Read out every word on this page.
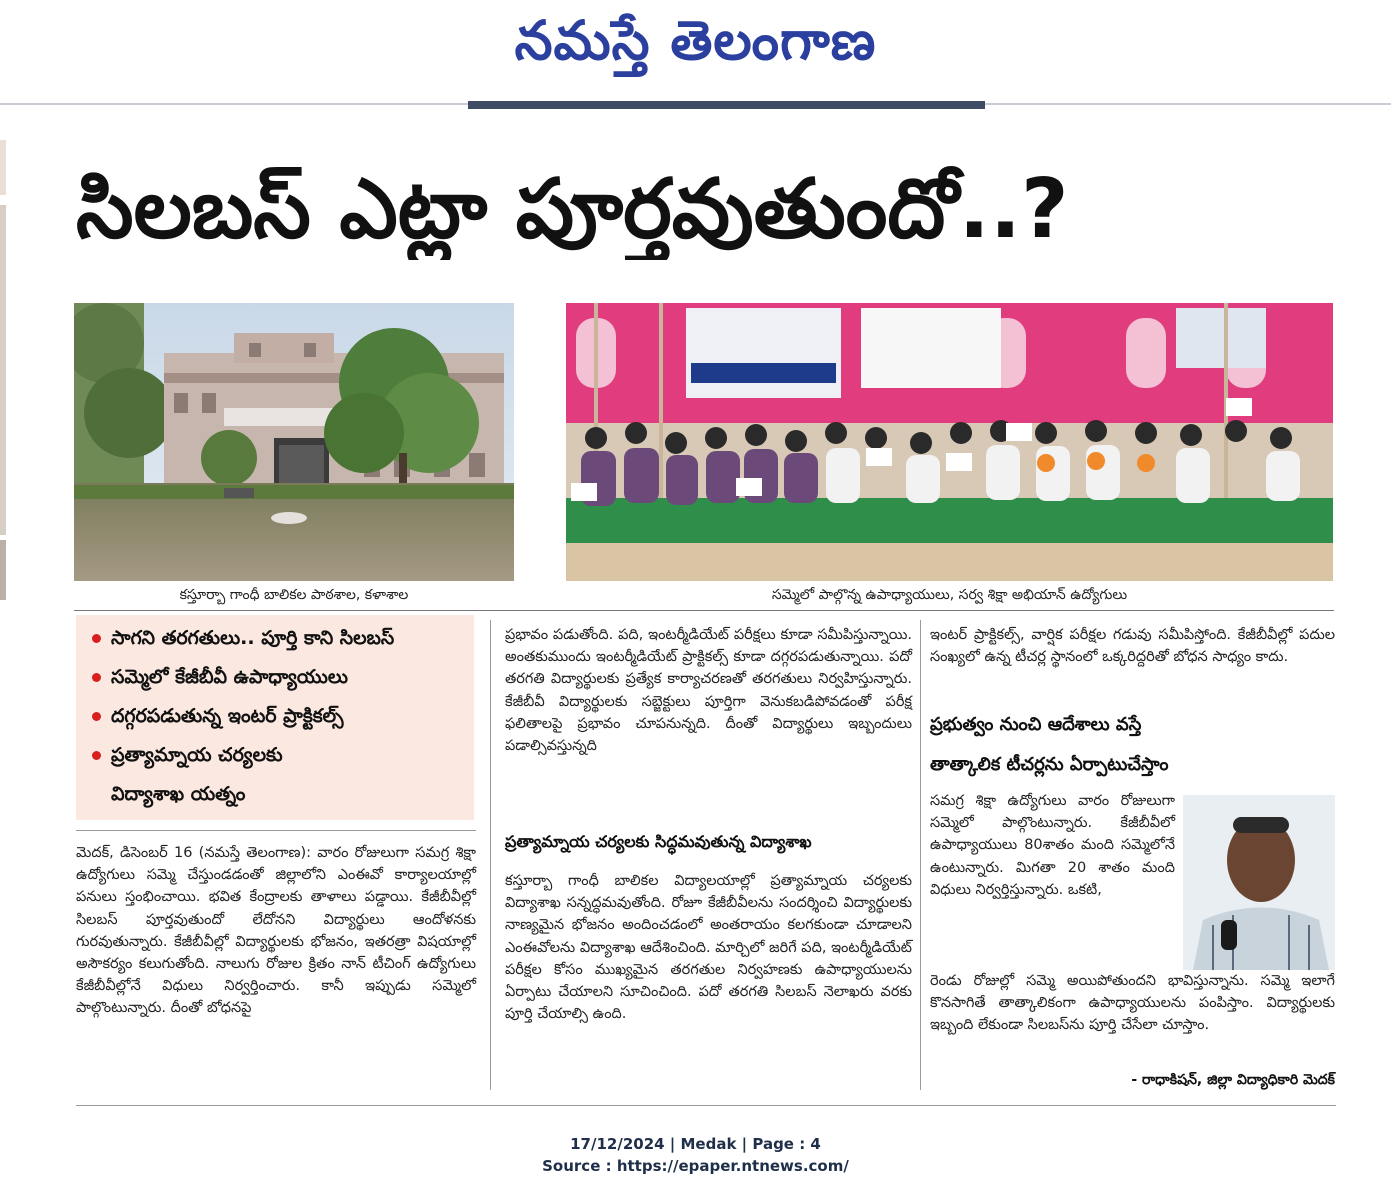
నమస్తే తెలంగాణ
సిలబస్ ఎట్లా పూర్తవుతుందో..?
కస్తూర్బా గాంధీ బాలికల పాఠశాల, కళాశాల	సమ్మెలో పాల్గొన్న ఉపాధ్యాయులు, సర్వ శిక్షా అభియాన్ ఉద్యోగులు
సాగని తరగతులు.. పూర్తి కాని సిలబస్
సమ్మెలో కేజీబీవీ ఉపాధ్యాయులు
దగ్గరపడుతున్న ఇంటర్ ప్రాక్టికల్స్
ప్రత్యామ్నాయ చర్యలకు
విద్యాశాఖ యత్నం
మెదక్, డిసెంబర్ 16 (నమస్తే తెలంగాణ): వారం రోజులుగా సమగ్ర శిక్షా ఉద్యోగులు సమ్మె చేస్తుండడంతో జిల్లాలోని ఎంఈవో కార్యాలయాల్లో పనులు స్తంభించాయి. భవిత కేంద్రాలకు తాళాలు పడ్డాయి. కేజీబీవీల్లో సిలబస్ పూర్తవుతుందో లేదోనని విద్యార్థులు ఆందోళనకు గురవుతున్నారు. కేజీబీవీల్లో విద్యార్థులకు భోజనం, ఇతరత్రా విషయాల్లో అసౌకర్యం కలుగుతోంది. నాలుగు రోజుల క్రితం నాన్ టీచింగ్ ఉద్యోగులు కేజీబీవీల్లోనే విధులు నిర్వర్తించారు. కానీ ఇప్పుడు సమ్మెలో పాల్గొంటున్నారు. దీంతో బోధనపై
ప్రభావం పడుతోంది. పది, ఇంటర్మీడియేట్ పరీక్షలు కూడా సమీపిస్తున్నాయి. అంతకుముందు ఇంటర్మీడియేట్ ప్రాక్టికల్స్ కూడా దగ్గరపడుతున్నాయి. పదో తరగతి విద్యార్థులకు ప్రత్యేక కార్యాచరణతో తరగతులు నిర్వహిస్తున్నారు. కేజీబీవీ విద్యార్థులకు సబ్జెక్టులు పూర్తిగా వెనుకబడిపోవడంతో పరీక్ష ఫలితాలపై ప్రభావం చూపనున్నది. దీంతో విద్యార్థులు ఇబ్బందులు పడాల్సివస్తున్నది
ప్రత్యామ్నాయ చర్యలకు సిద్ధమవుతున్న విద్యాశాఖ
కస్తూర్బా గాంధీ బాలికల విద్యాలయాల్లో ప్రత్యామ్నాయ చర్యలకు విద్యాశాఖ సన్నద్ధమవుతోంది. రోజూ కేజీబీవీలను సందర్శించి విద్యార్థులకు నాణ్యమైన భోజనం అందించడంలో అంతరాయం కలగకుండా చూడాలని ఎంఈవోలను విద్యాశాఖ ఆదేశించింది. మార్చిలో జరిగే పది, ఇంటర్మీడియేట్ పరీక్షల కోసం ముఖ్యమైన తరగతుల నిర్వహణకు ఉపాధ్యాయులను ఏర్పాటు చేయాలని సూచించింది. పదో తరగతి సిలబస్ నెలాఖరు వరకు పూర్తి చేయాల్సి ఉంది.
ఇంటర్ ప్రాక్టికల్స్, వార్షిక పరీక్షల గడువు సమీపిస్తోంది. కేజీబీవీల్లో పదుల సంఖ్యలో ఉన్న టీచర్ల స్థానంలో ఒక్కరిద్దరితో బోధన సాధ్యం కాదు.
ప్రభుత్వం నుంచి ఆదేశాలు వస్తే
తాత్కాలిక టీచర్లను ఏర్పాటుచేస్తాం
సమగ్ర శిక్షా ఉద్యోగులు వారం రోజులుగా సమ్మెలో పాల్గొంటున్నారు. కేజీబీవీలో ఉపాధ్యాయులు 80శాతం మంది సమ్మెలోనే ఉంటున్నారు. మిగతా 20 శాతం మంది విధులు నిర్వర్తిస్తున్నారు. ఒకటి,
రెండు రోజుల్లో సమ్మె అయిపోతుందని భావిస్తున్నాను. సమ్మె ఇలాగే కొనసాగితే తాత్కాలికంగా ఉపాధ్యాయులను పంపిస్తాం. విద్యార్థులకు ఇబ్బంది లేకుండా సిలబస్‌ను పూర్తి చేసేలా చూస్తాం.
- రాధాకిషన్, జిల్లా విద్యాధికారి మెదక్
17/12/2024 | Medak | Page : 4
Source : https://epaper.ntnews.com/
